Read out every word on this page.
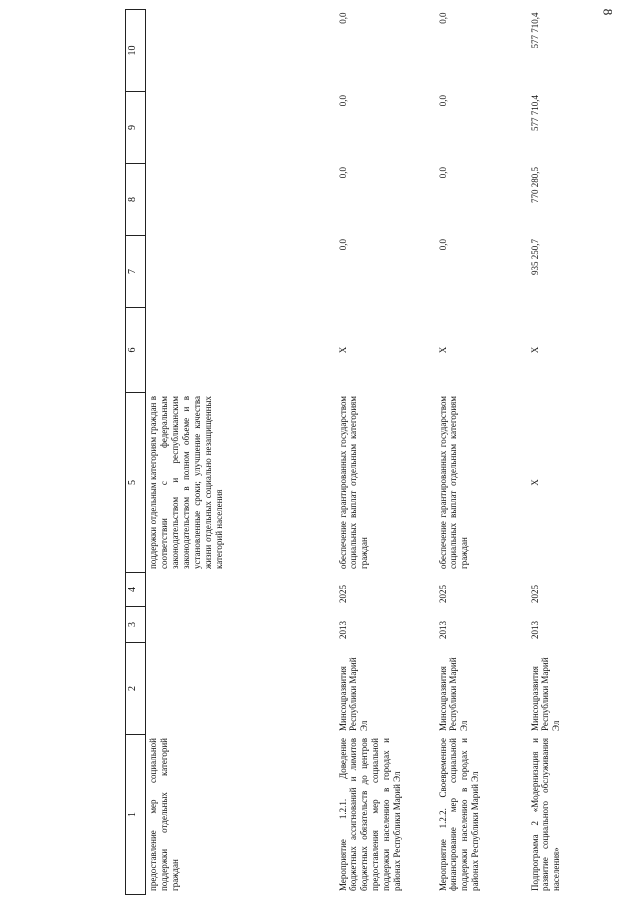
8
1	2	3	4	5	6	7	8	9	10
предоставление мер социальной поддержки отдельных категорий граждан				поддержки отдельным категориям граждан в соответствии с федеральным законодательством и республиканским законодательством в полном объеме и в установленные сроки; улучшение качества жизни отдельных социально незащищенных категорий населения					
Мероприятие 1.2.1. Доведение бюджетных ассигнований и лимитов бюджетных обязательств до центров предоставления мер социальной поддержки населению в городах и районах Республики Марий Эл	Минсоцразвития Республики Марий Эл	2013	2025	обеспечение гарантированных государством социальных выплат отдельным категориям граждан	Х	0,0	0,0	0,0	0,0
Мероприятие 1.2.2. Своевременное финансирование мер социальной поддержки населению в городах и районах Республики Марий Эл	Минсоцразвития Республики Марий Эл	2013	2025	обеспечение гарантированных государством социальных выплат отдельным категориям граждан	Х	0,0	0,0	0,0	0,0
Подпрограмма 2 «Модернизация и развитие социального обслуживания населения»	Минсоцразвития Республики Марий Эл	2013	2025	Х	Х	935 250,7	770 280,5	577 710,4	577 710,4
